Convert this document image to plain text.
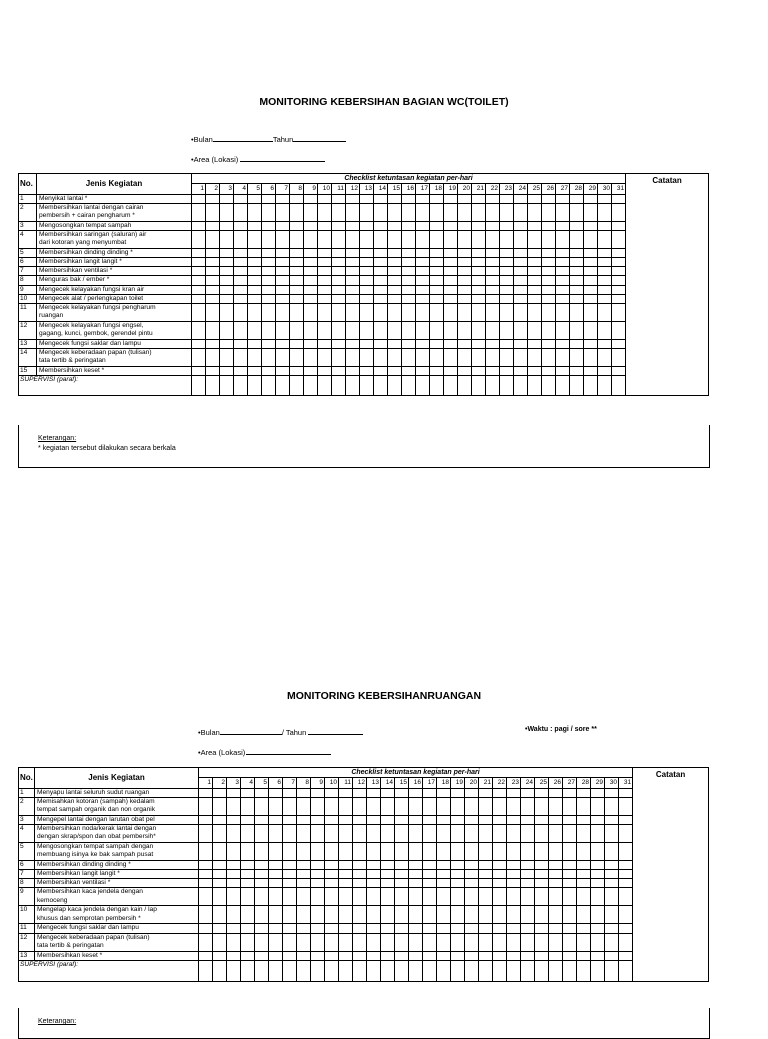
MONITORING KEBERSIHAN BAGIAN WC(TOILET)
•Bulan	Tahun
•Area (Lokasi)
No.	Jenis Kegiatan	Checklist ketuntasan kegiatan per-hari																															Catatan
		1	2	3	4	5	6	7	8	9	10	11	12	13	14	15	16	17	18	19	20	21	22	23	24	25	26	27	28	29	30	31	
1	Menyikat lantai *																																

2	Membersihkan lantai dengan cairan
pembersih + cairan pengharum *																																

3	Mengosongkan tempat sampah																																

4	Membersihkan saringan (saluran) air
dari kotoran yang menyumbat																																

5	Membersihkan dinding dinding *																																

6	Membersihkan langit langit *																																

7	Membersihkan ventilasi *																																

8	Menguras bak / ember *																																

9	Mengecek kelayakan fungsi kran air																																

10	Mengecek alat / perlengkapan toilet																																

11	Mengecek kelayakan fungsi pengharum
ruangan																																

12	Mengecek kelayakan fungsi engsel,
gagang, kunci, gembok, gerendel pintu																																

13	Mengecek fungsi saklar dan lampu																																

14	Mengecek keberadaan papan (tulisan)
tata tertib & peringatan																																

15	Membersihkan keset *																																

SUPERVISI (paraf):																																	
Keterangan:
* kegiatan tersebut dilakukan secara berkala
MONITORING KEBERSIHANRUANGAN
•Bulan	/ Tahun	•Waktu : pagi / sore **
•Area (Lokasi)
No.	Jenis Kegiatan	Checklist ketuntasan kegiatan per-hari																															Catatan
		1	2	3	4	5	6	7	8	9	10	11	12	13	14	15	16	17	18	19	20	21	22	23	24	25	26	27	28	29	30	31	
1	Menyapu lantai seluruh sudut ruangan																																

2	Memisahkan kotoran (sampah) kedalam
tempat sampah organik dan non organik																																

3	Mengepel lantai dengan larutan obat pel																																

4	Membersihkan noda/kerak lantai dengan
dengan skrap/spon dan obat pembersih*																																

5	Mengosongkan tempat sampah dengan
membuang isinya ke bak sampah pusat																																

6	Membersihkan dinding dinding *																																

7	Membersihkan langit langit *																																

8	Membersihkan ventilasi *																																

9	Membersihkan kaca jendela dengan
kemoceng																																

10	Mengelap kaca jendela dengan kain / lap
khusus dan semprotan pembersih *																																

11	Mengecek fungsi saklar dan lampu																																

12	Mengecek keberadaan papan (tulisan)
tata tertib & peringatan																																

13	Membersihkan keset *																																

SUPERVISI (paraf):																																	
Keterangan:
